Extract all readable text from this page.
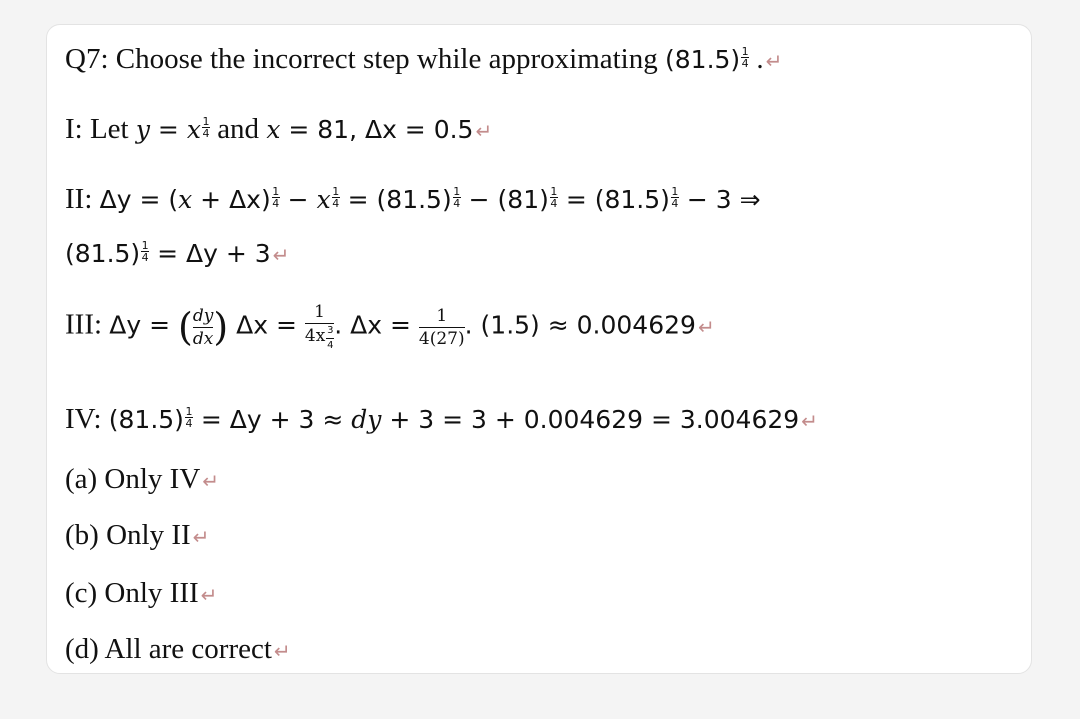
Q7: Choose the incorrect step while approximating $(81.5) \frac{1}{4}$ . ↵
I: Let y = x $\frac{1}{4}$ and x = 81, Δx = 0.5 ↵
II: $\Delta y = (x + \Delta x) \frac{1}{4} - x \frac{1}{4} = (81.5) \frac{1}{4} - (81) \frac{1}{4} = (81.5) \frac{1}{4} - 3$ ⇒
$(81.5) \frac{1}{4} = \Delta y + 3$ ↵
III: Δy = ( $\frac{dy}{dx}$ ) $\Delta x = \frac{1}{4x \frac{3}{4}}$ . $\Delta x = \frac{1}{4(27)}$ . (1.5) ≈ 0.004629 ↵
IV: $(81.5) \frac{1}{4} = \Delta y + 3$ ≈ dy + 3 = 3 + 0.004629 = 3.004629 ↵
(a) Only IV ↵
(b) Only II ↵
(c) Only III ↵
(d) All are correct ↵
